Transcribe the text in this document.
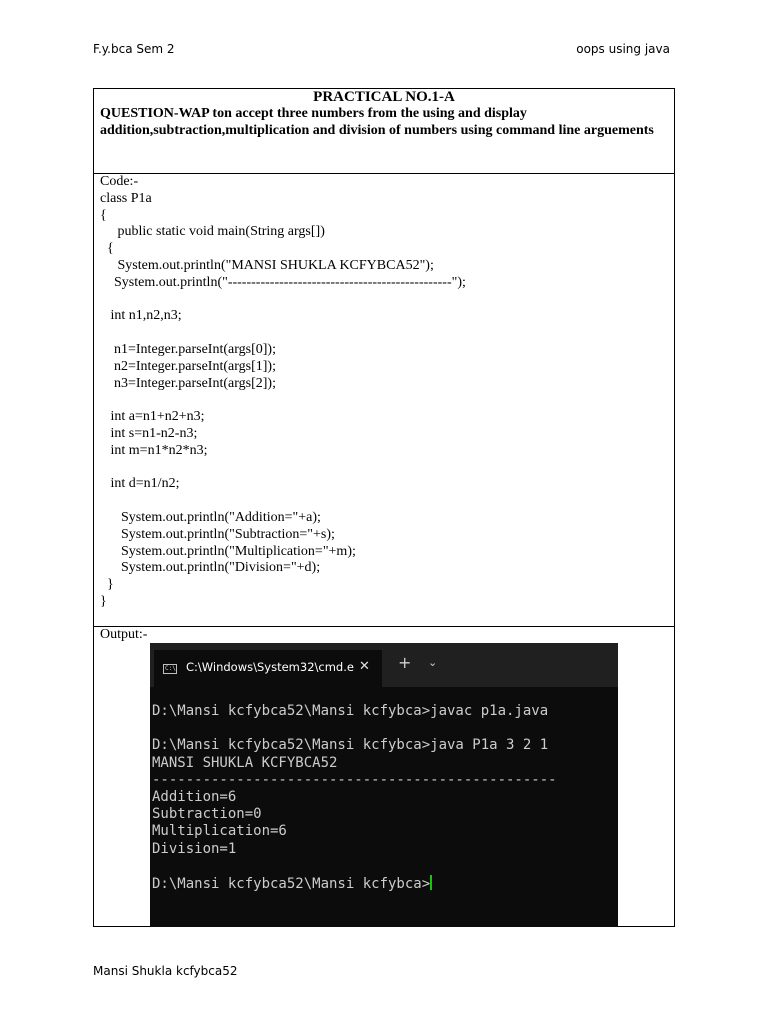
F.y.bca Sem 2	oops using java
PRACTICAL NO.1-A
QUESTION-WAP ton accept three numbers from the using and display addition,subtraction,multiplication and division of numbers using command line arguements

Code:-
class P1a
{
public static void main(String args[])
{
System.out.println("MANSI SHUKLA KCFYBCA52");
System.out.println("------------------------------------------------");

int n1,n2,n3;

n1=Integer.parseInt(args[0]);
n2=Integer.parseInt(args[1]);
n3=Integer.parseInt(args[2]);

int a=n1+n2+n3;
int s=n1-n2-n3;
int m=n1*n2*n3;

int d=n1/n2;

System.out.println("Addition="+a);
System.out.println("Subtraction="+s);
System.out.println("Multiplication="+m);
System.out.println("Division="+d);
}
}

Output:-
C:\ C:\Windows\System32\cmd.e ✕ + ⌄
D:\Mansi kcfybca52\Mansi kcfybca>javac p1a.java

D:\Mansi kcfybca52\Mansi kcfybca>java P1a 3 2 1
MANSI SHUKLA KCFYBCA52
------------------------------------------------
Addition=6
Subtraction=0
Multiplication=6
Division=1

D:\Mansi kcfybca52\Mansi kcfybca>
Mansi Shukla kcfybca52
